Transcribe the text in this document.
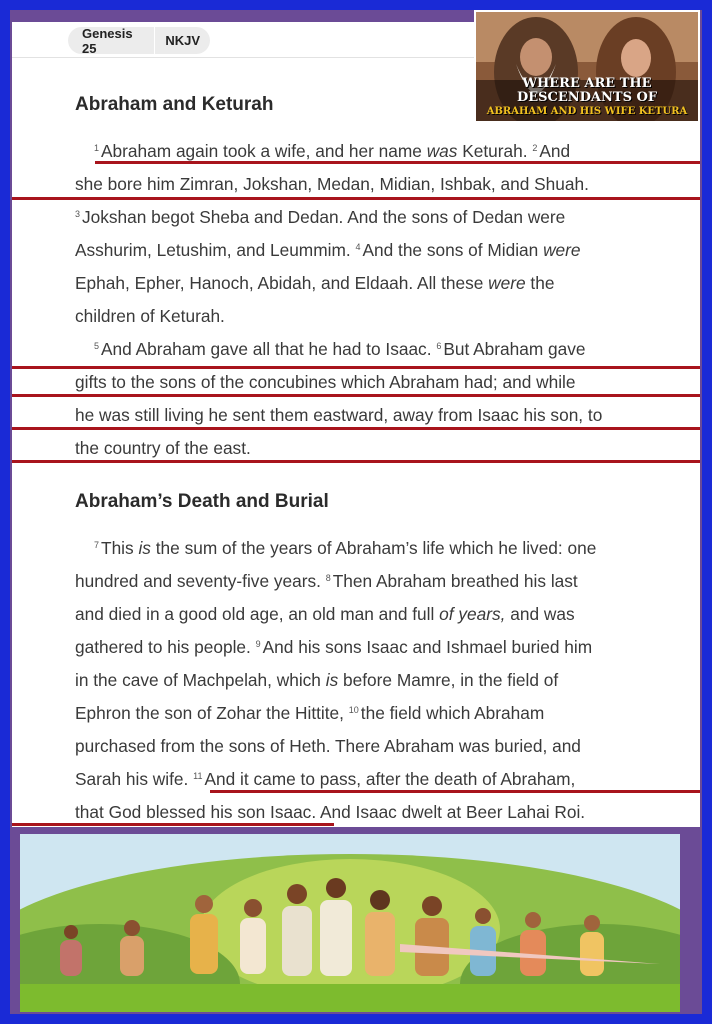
Genesis 25	NKJV
Abraham and Keturah
$^1$ Abraham again took a wife, and her name was Keturah. $^2$ And
she bore him Zimran, Jokshan, Medan, Midian, Ishbak, and Shuah.
$^3$ Jokshan begot Sheba and Dedan. And the sons of Dedan were
Asshurim, Letushim, and Leummim. $^4$ And the sons of Midian were
Ephah, Epher, Hanoch, Abidah, and Eldaah. All these were the
children of Keturah.
$^5$ And Abraham gave all that he had to Isaac. $^6$ But Abraham gave
gifts to the sons of the concubines which Abraham had; and while
he was still living he sent them eastward, away from Isaac his son, to
the country of the east.
Abraham’s Death and Burial
$^7$ This is the sum of the years of Abraham’s life which he lived: one
hundred and seventy-five years. $^8$ Then Abraham breathed his last
and died in a good old age, an old man and full of years, and was
gathered to his people. $^9$ And his sons Isaac and Ishmael buried him
in the cave of Machpelah, which is before Mamre, in the field of
Ephron the son of Zohar the Hittite, $^{10}$ the field which Abraham
purchased from the sons of Heth. There Abraham was buried, and
Sarah his wife. $^{11}$ And it came to pass, after the death of Abraham,
that God blessed his son Isaac. And Isaac dwelt at Beer Lahai Roi.
WHERE ARE THE
DESCENDANTS OF
ABRAHAM AND HIS WIFE KETURA
